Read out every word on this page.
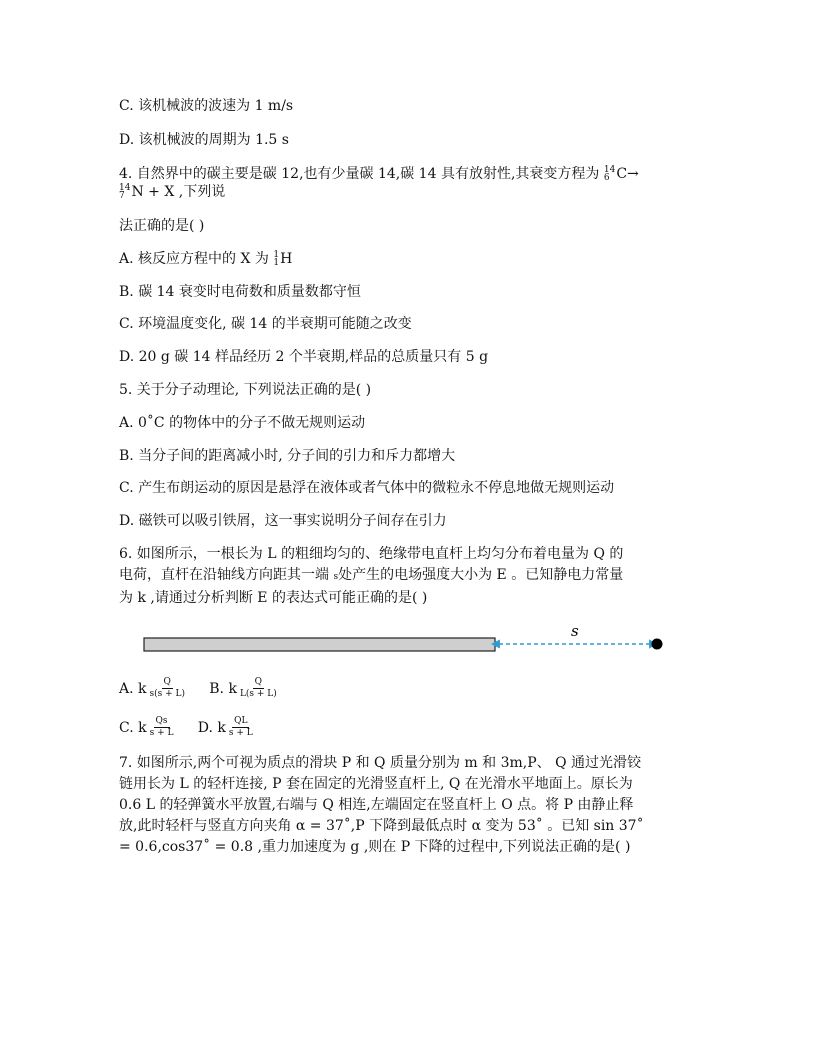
C. 该机械波的波速为 1 m/s
D. 该机械波的周期为 1.5 s
4. 自然界中的碳主要是碳 12,也有少量碳 14,碳 14 具有放射性,其衰变方程为 14
6 C→
14
7 N + X ,下列说
法正确的是( )
A. 核反应方程中的 X 为 1
1 H
B. 碳 14 衰变时电荷数和质量数都守恒
C. 环境温度变化, 碳 14 的半衰期可能随之改变
D. 20 g 碳 14 样品经历 2 个半衰期,样品的总质量只有 5 g
5. 关于分子动理论, 下列说法正确的是( )
A. 0˚C 的物体中的分子不做无规则运动
B. 当分子间的距离减小时, 分子间的引力和斥力都增大
C. 产生布朗运动的原因是悬浮在液体或者气体中的微粒永不停息地做无规则运动
D. 磁铁可以吸引铁屑，这一事实说明分子间存在引力
6. 如图所示，一根长为 L 的粗细均匀的、绝缘带电直杆上均匀分布着电量为 Q 的
电荷，直杆在沿轴线方向距其一端 s处产生的电场强度大小为 E 。已知静电力常量
为 k ,请通过分析判断 E 的表达式可能正确的是( )
s
A. k $\frac{Q}{s(s + L)} B$. k $\frac{Q}{L(s + L)}$
C. k $\frac{Qs}{s + L} D$. k $\frac{QL}{s + L}$
7. 如图所示,两个可视为质点的滑块 P 和 Q 质量分别为 m 和 3m,P、 Q 通过光滑铰
链用长为 L 的轻杆连接, P 套在固定的光滑竖直杆上, Q 在光滑水平地面上。原长为
0.6 L 的轻弹簧水平放置,右端与 Q 相连,左端固定在竖直杆上 O 点。将 P 由静止释
放,此时轻杆与竖直方向夹角 α = 37˚,P 下降到最低点时 α 变为 53˚ 。已知 sin 37˚
= 0.6,cos37˚ = 0.8 ,重力加速度为 g ,则在 P 下降的过程中,下列说法正确的是( )
